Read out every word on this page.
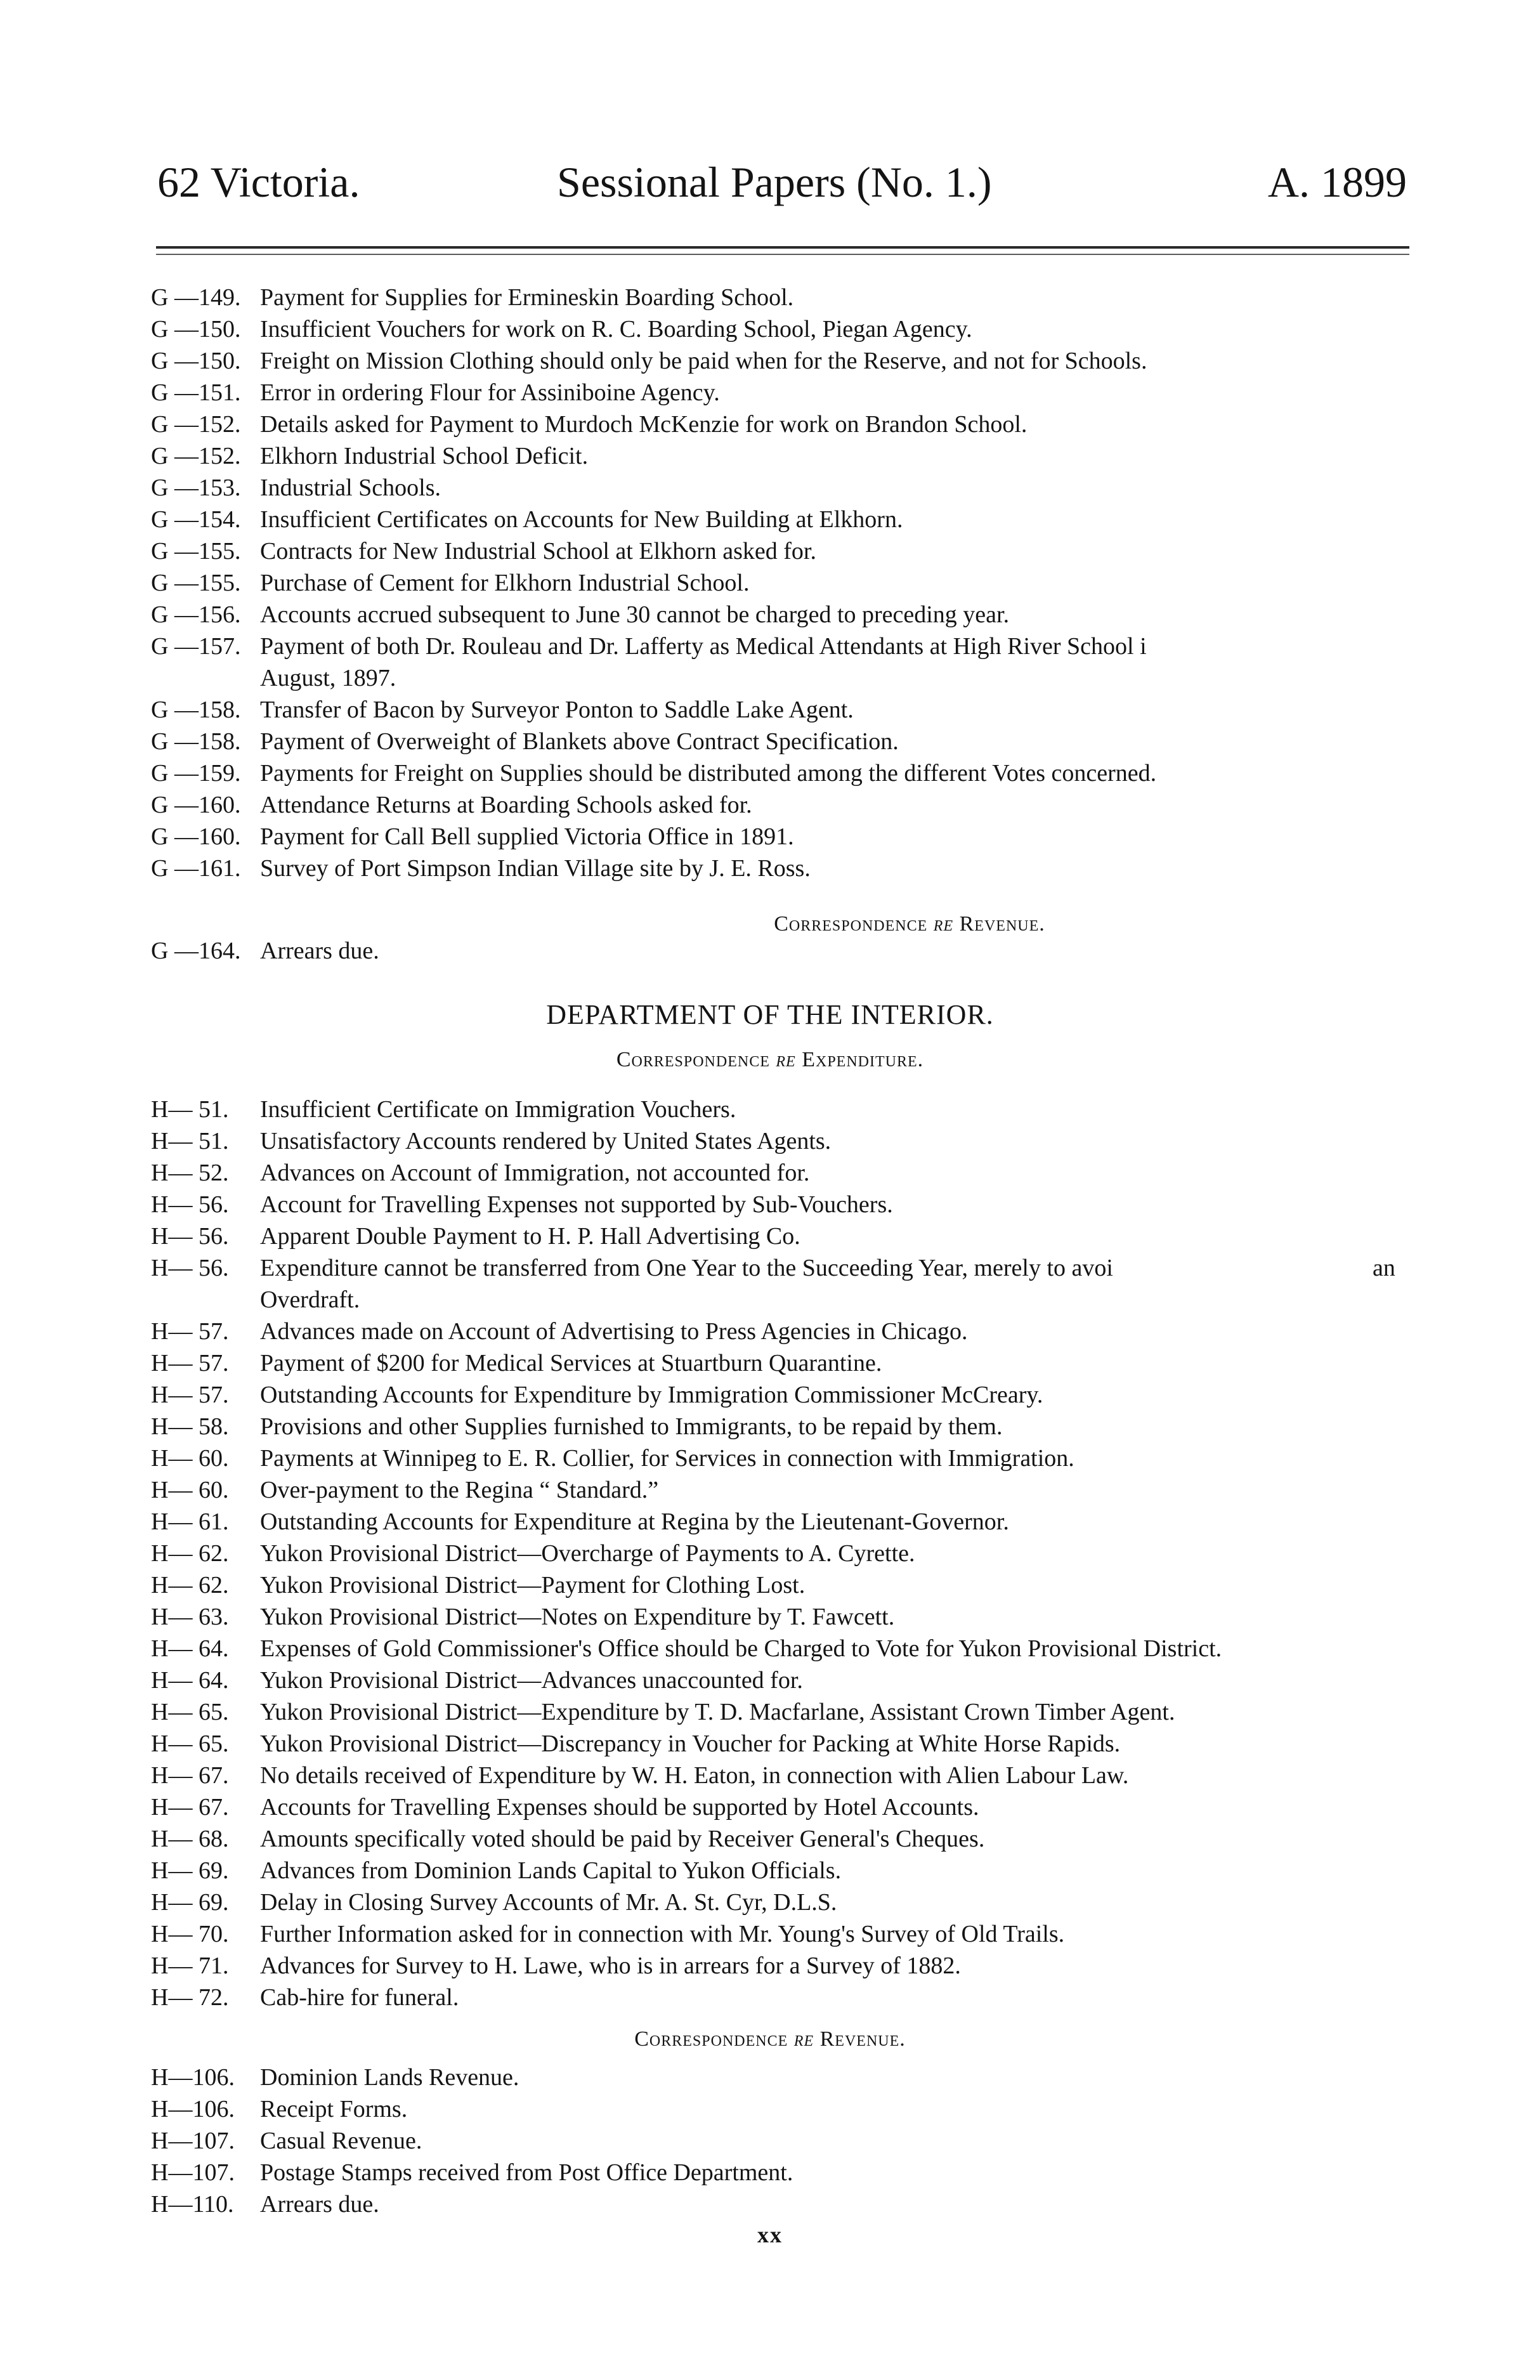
62 Victoria.	Sessional Papers (No. 1.)	A. 1899
G —149. Payment for Supplies for Ermineskin Boarding School.
G —150. Insufficient Vouchers for work on R. C. Boarding School, Piegan Agency.
G —150. Freight on Mission Clothing should only be paid when for the Reserve, and not for Schools.
G —151. Error in ordering Flour for Assiniboine Agency.
G —152. Details asked for Payment to Murdoch McKenzie for work on Brandon School.
G —152. Elkhorn Industrial School Deficit.
G —153. Industrial Schools.
G —154. Insufficient Certificates on Accounts for New Building at Elkhorn.
G —155. Contracts for New Industrial School at Elkhorn asked for.
G —155. Purchase of Cement for Elkhorn Industrial School.
G —156. Accounts accrued subsequent to June 30 cannot be charged to preceding year.
G —157. Payment of both Dr. Rouleau and Dr. Lafferty as Medical Attendants at High River School i
August, 1897.
G —158. Transfer of Bacon by Surveyor Ponton to Saddle Lake Agent.
G —158. Payment of Overweight of Blankets above Contract Specification.
G —159. Payments for Freight on Supplies should be distributed among the different Votes concerned.
G —160. Attendance Returns at Boarding Schools asked for.
G —160. Payment for Call Bell supplied Victoria Office in 1891.
G —161. Survey of Port Simpson Indian Village site by J. E. Ross.
Correspondence re Revenue.
G —164. Arrears due.
DEPARTMENT OF THE INTERIOR.
Correspondence re Expenditure.
H— 51. Insufficient Certificate on Immigration Vouchers.
H— 51. Unsatisfactory Accounts rendered by United States Agents.
H— 52. Advances on Account of Immigration, not accounted for.
H— 56. Account for Travelling Expenses not supported by Sub-Vouchers.
H— 56. Apparent Double Payment to H. P. Hall Advertising Co.
H— 56. Expenditure cannot be transferred from One Year to the Succeeding Year, merely to avoi	an
Overdraft.
H— 57. Advances made on Account of Advertising to Press Agencies in Chicago.
H— 57. Payment of $200 for Medical Services at Stuartburn Quarantine.
H— 57. Outstanding Accounts for Expenditure by Immigration Commissioner McCreary.
H— 58. Provisions and other Supplies furnished to Immigrants, to be repaid by them.
H— 60. Payments at Winnipeg to E. R. Collier, for Services in connection with Immigration.
H— 60. Over-payment to the Regina “ Standard.”
H— 61. Outstanding Accounts for Expenditure at Regina by the Lieutenant-Governor.
H— 62. Yukon Provisional District—Overcharge of Payments to A. Cyrette.
H— 62. Yukon Provisional District—Payment for Clothing Lost.
H— 63. Yukon Provisional District—Notes on Expenditure by T. Fawcett.
H— 64. Expenses of Gold Commissioner's Office should be Charged to Vote for Yukon Provisional District.
H— 64. Yukon Provisional District—Advances unaccounted for.
H— 65. Yukon Provisional District—Expenditure by T. D. Macfarlane, Assistant Crown Timber Agent.
H— 65. Yukon Provisional District—Discrepancy in Voucher for Packing at White Horse Rapids.
H— 67. No details received of Expenditure by W. H. Eaton, in connection with Alien Labour Law.
H— 67. Accounts for Travelling Expenses should be supported by Hotel Accounts.
H— 68. Amounts specifically voted should be paid by Receiver General's Cheques.
H— 69. Advances from Dominion Lands Capital to Yukon Officials.
H— 69. Delay in Closing Survey Accounts of Mr. A. St. Cyr, D.L.S.
H— 70. Further Information asked for in connection with Mr. Young's Survey of Old Trails.
H— 71. Advances for Survey to H. Lawe, who is in arrears for a Survey of 1882.
H— 72. Cab-hire for funeral.
Correspondence re Revenue.
H—106. Dominion Lands Revenue.
H—106. Receipt Forms.
H—107. Casual Revenue.
H—107. Postage Stamps received from Post Office Department.
H—110. Arrears due.
xx
